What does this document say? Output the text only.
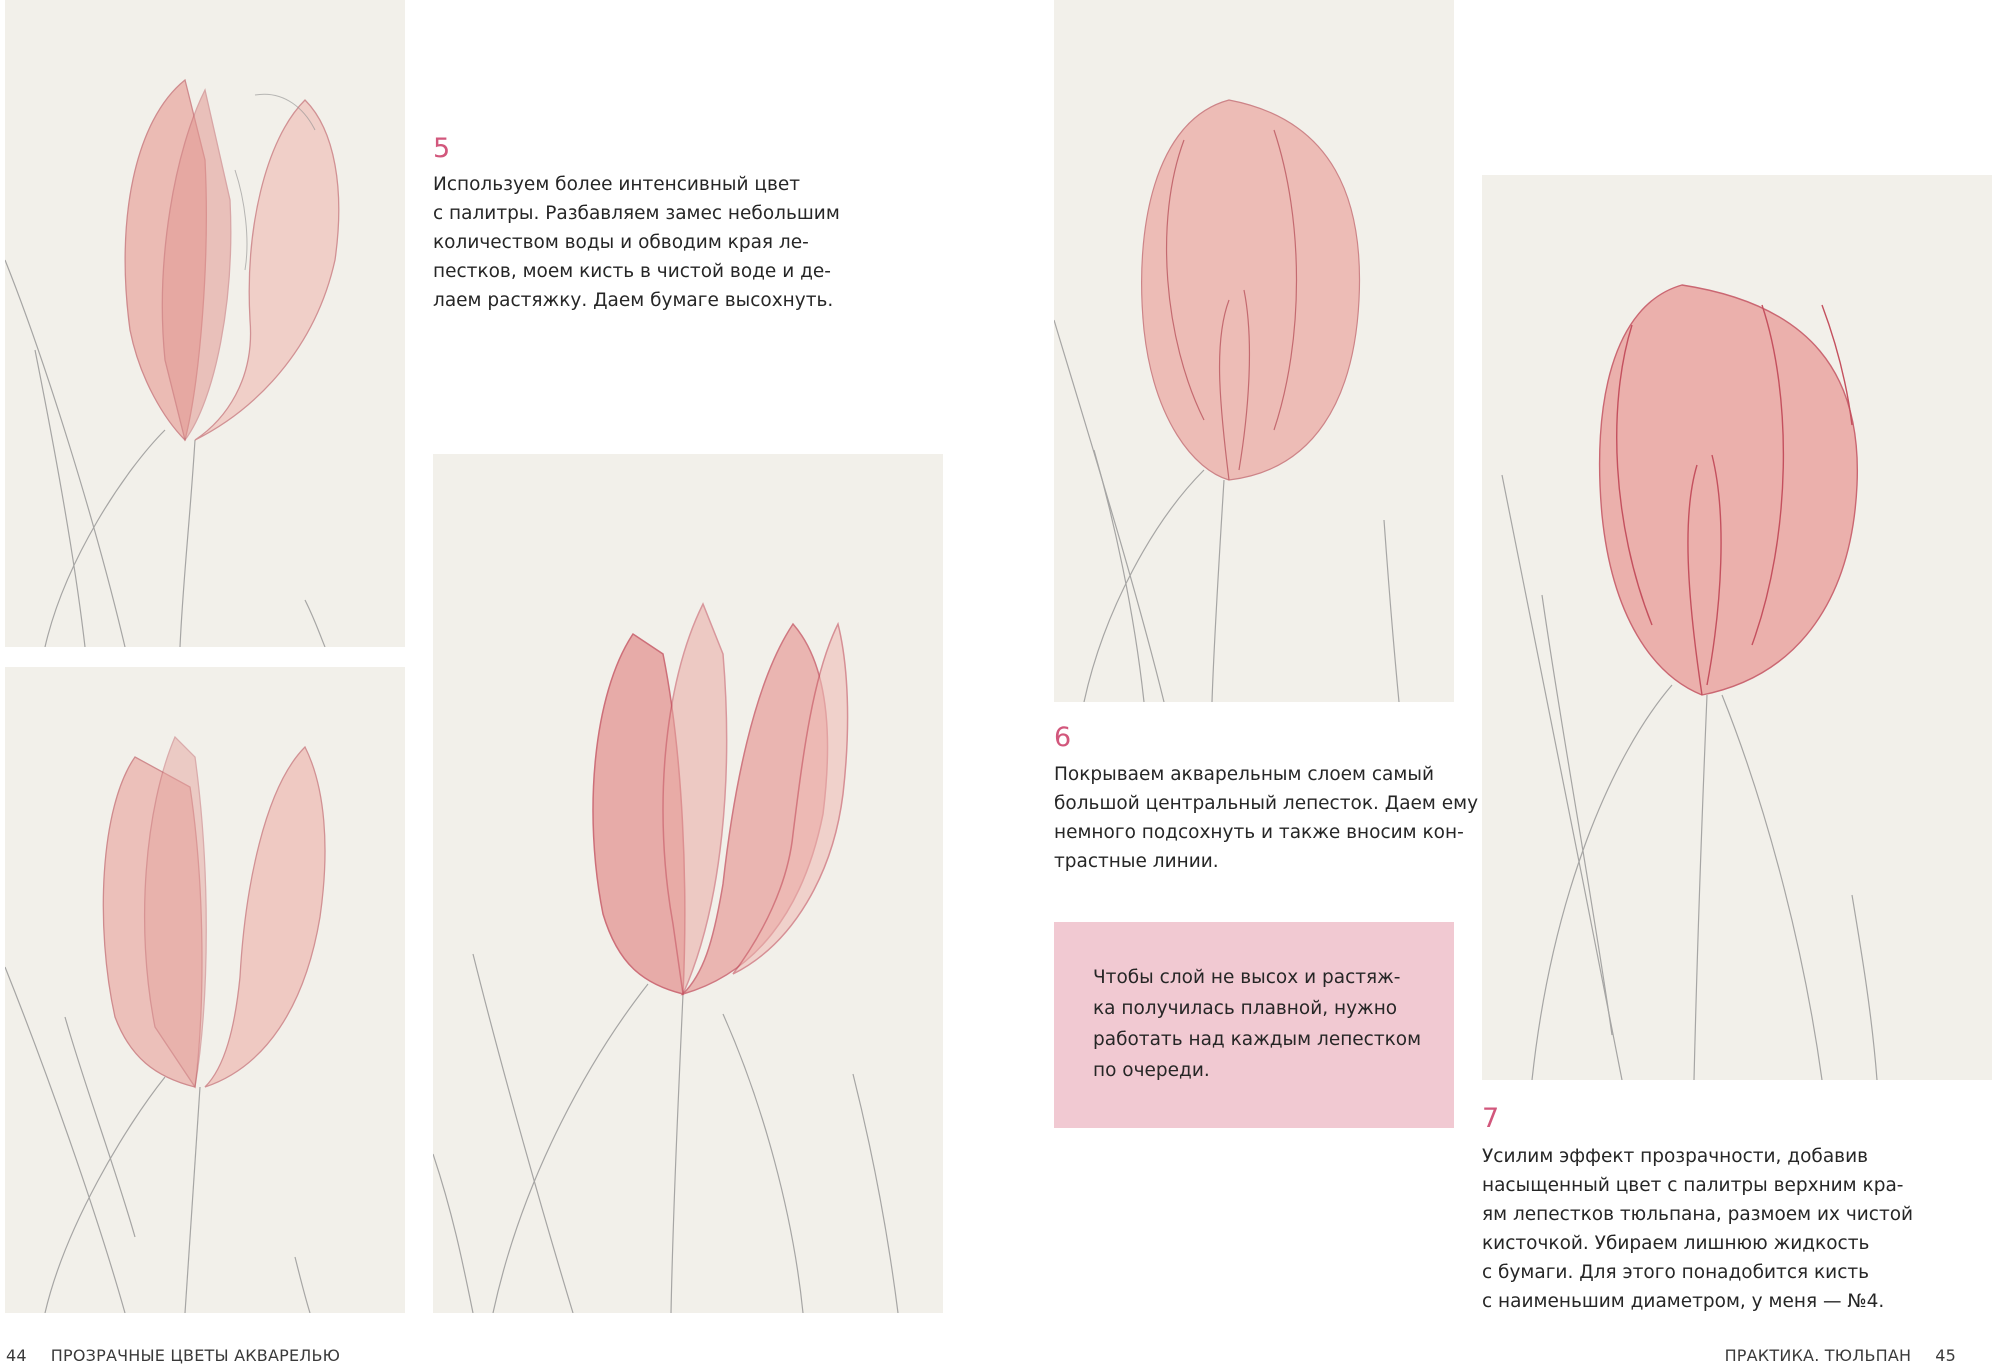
5
Используем более интенсивный цвет
с палитры. Разбавляем замес небольшим
количеством воды и обводим края ле-
пестков, моем кисть в чистой воде и де-
лаем растяжку. Даем бумаге высохнуть.
44 ПРОЗРАЧНЫЕ ЦВЕТЫ АКВАРЕЛЬЮ
6
Покрываем акварельным слоем самый
большой центральный лепесток. Даем ему
немного подсохнуть и также вносим кон-
трастные линии.
Чтобы слой не высох и растяж-
ка получилась плавной, нужно
работать над каждым лепестком
по очереди.
7
Усилим эффект прозрачности, добавив
насыщенный цвет с палитры верхним кра-
ям лепестков тюльпана, размоем их чистой
кисточкой. Убираем лишнюю жидкость
с бумаги. Для этого понадобится кисть
с наименьшим диаметром, у меня — №4.
ПРАКТИКА. ТЮЛЬПАН 45
